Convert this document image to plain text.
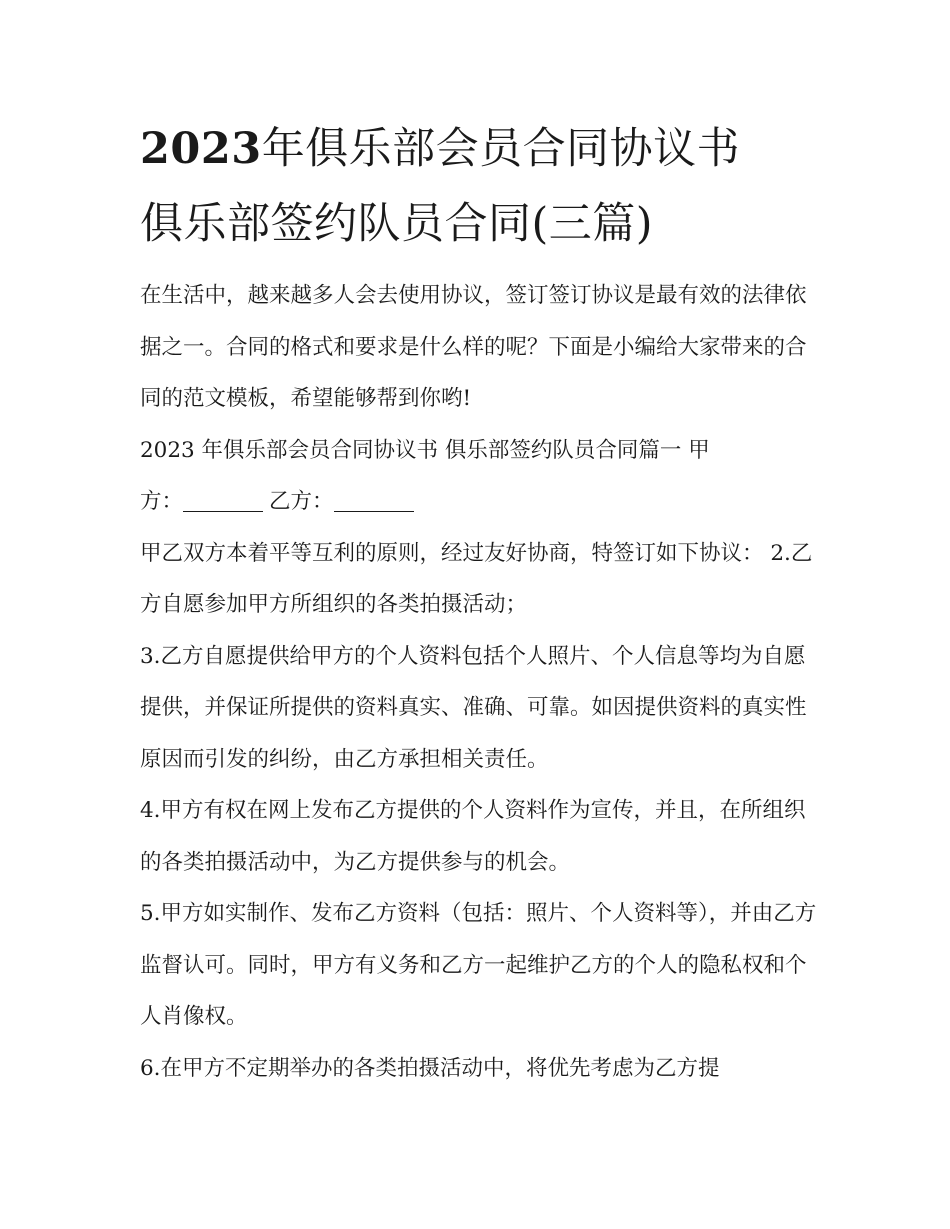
2023年俱乐部会员合同协议书
俱乐部签约队员合同(三篇)

在生活中，越来越多人会去使用协议，签订签订协议是最有效的法律依据之一。合同的格式和要求是什么样的呢？下面是小编给大家带来的合同的范文模板，希望能够帮到你哟!

2023 年俱乐部会员合同协议书 俱乐部签约队员合同篇一 甲

方：	乙方：

甲乙双方本着平等互利的原则，经过友好协商，特签订如下协议： 2.乙方自愿参加甲方所组织的各类拍摄活动；

3.乙方自愿提供给甲方的个人资料包括个人照片、个人信息等均为自愿提供，并保证所提供的资料真实、准确、可靠。如因提供资料的真实性原因而引发的纠纷，由乙方承担相关责任。

4.甲方有权在网上发布乙方提供的个人资料作为宣传，并且，在所组织的各类拍摄活动中，为乙方提供参与的机会。

5.甲方如实制作、发布乙方资料（包括：照片、个人资料等），并由乙方监督认可。同时，甲方有义务和乙方一起维护乙方的个人的隐私权和个人肖像权。

6.在甲方不定期举办的各类拍摄活动中，将优先考虑为乙方提
